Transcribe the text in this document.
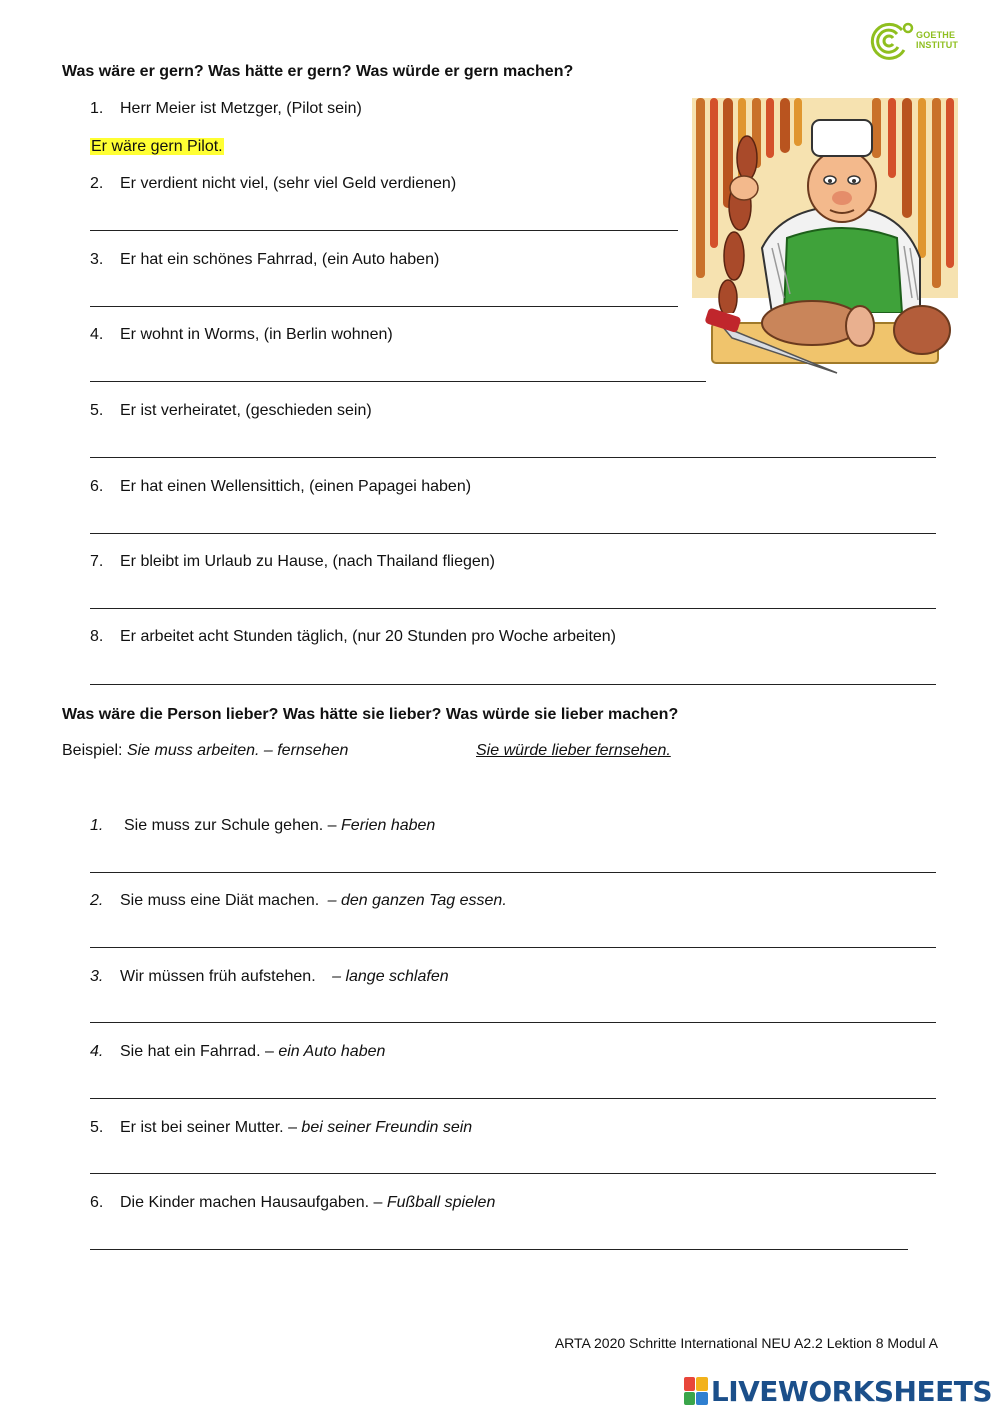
GOETHE
INSTITUT
Was wäre er gern? Was hätte er gern? Was würde er gern machen?
1. Herr Meier ist Metzger, (Pilot sein)
Er wäre gern Pilot.
2. Er verdient nicht viel, (sehr viel Geld verdienen)
3. Er hat ein schönes Fahrrad, (ein Auto haben)
4. Er wohnt in Worms, (in Berlin wohnen)
5. Er ist verheiratet, (geschieden sein)
6. Er hat einen Wellensittich, (einen Papagei haben)
7. Er bleibt im Urlaub zu Hause, (nach Thailand fliegen)
8. Er arbeitet acht Stunden täglich, (nur 20 Stunden pro Woche arbeiten)
Was wäre die Person lieber? Was hätte sie lieber? Was würde sie lieber machen?
Beispiel: Sie muss arbeiten. – fernsehen	Sie würde lieber fernsehen.
1. Sie muss zur Schule gehen. – Ferien haben
2. Sie muss eine Diät machen. – den ganzen Tag essen.
3. Wir müssen früh aufstehen. – lange schlafen
4. Sie hat ein Fahrrad. – ein Auto haben
5. Er ist bei seiner Mutter. – bei seiner Freundin sein
6. Die Kinder machen Hausaufgaben. – Fußball spielen
ARTA 2020 Schritte International NEU A2.2 Lektion 8 Modul A
LIVEWORKSHEETS
